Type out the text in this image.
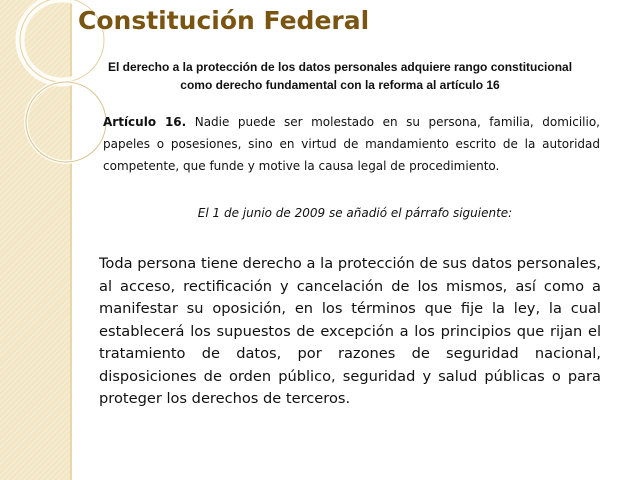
Constitución Federal

El derecho a la protección de los datos personales adquiere rango constitucional
como derecho fundamental con la reforma al artículo 16

Artículo 16. Nadie puede ser molestado en su persona, familia, domicilio, papeles o posesiones, sino en virtud de mandamiento escrito de la autoridad competente, que funde y motive la causa legal de procedimiento.

El 1 de junio de 2009 se añadió el párrafo siguiente:

Toda persona tiene derecho a la protección de sus datos personales, al acceso, rectificación y cancelación de los mismos, así como a manifestar su oposición, en los términos que fije la ley, la cual establecerá los supuestos de excepción a los principios que rijan el tratamiento de datos, por razones de seguridad nacional, disposiciones de orden público, seguridad y salud públicas o para proteger los derechos de terceros.
